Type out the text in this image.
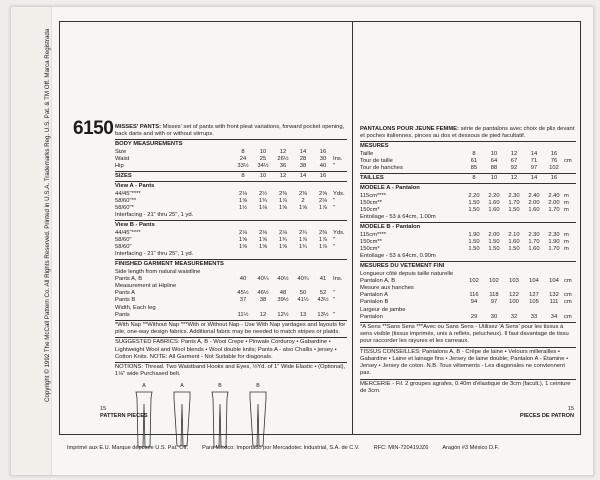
Copyright © 1992 The McCall Pattern Co. All Rights Reserved. Printed in U.S.A. Trademarks Reg. U.S. Pat. & TM Off. Marca Registrada 6150 MISSES' PANTS: Misses' set of pants with front pleat variations, forward pocket opening, back darts and with or without stirrups.
BODY MEASUREMENTS
Size	8	10	12	14	16
Waist	24	25	26½	28	30	Ins.
Hip	33½	34½	36	38	40	"
SIZES	8	10	12	14	16
View A - Pants
44/45"****	2⅛	2½	2⅜	2⅜	2⅝	Yds.
58/60"**	1⅝	1¾	1⅞	2	2⅛	"
58/60"*	1½	1⅛	1⅝	1⅝	1⅞	"
Interfacing - 21" thru 25", 1 yd.
View B - Pants
44/45"****	2⅛	2⅛	2⅛	2¼	2⅜	Yds.
58/60"	1⅝	1⅝	1¾	1⅞	1⅞	"
58/60"	1⅝	1⅝	1⅝	1¾	1⅞	"
Interfacing - 21" thru 25", 1 yd.
FINISHED GARMENT MEASUREMENTS
Side length from natural waistline
Pants A, B	40	40¼	40½	40¾	41	Ins.
Measurement at Hipline
Pants A	45½	46½	48	50	52	"
Pants B	37	38	39½	41½	43½ "
Width, Each leg
Pants	11½	12	12½	13	13½ "
*With Nap **Without Nap ***With or Without Nap - Use With Nap yardages and layouts for pile, one-way design fabrics. Additional fabric may be needed to match stripes or plaids.
SUGGESTED FABRICS: Pants A, B - Wool Crepe • Pinwale Corduroy • Gabardine • Lightweight Wool and Wool blends • Wool double knits; Pants A - also Challis • jersey • Cotton Knits. NOTE: All Garment - Not Suitable for diagonals.
NOTIONS: Thread. Two Waistband Hooks and Eyes, ½Yd. of 1" Wide Elastic • (Optional), 1⅛" wide Purchased belt.
A	A	B	B
PANTALONS POUR JEUNE FEMME: série de pantalons avec choix de plis devant et poches italiennes, pinces au dos et dessous de pied facultatif.
MESURES
Taille	8	10	12	14	16
Tour de taille	61	64	67	71	76	cm
Tour de hanches	85	88	92	97	102
TAILLES	8	10	12	14	16
MODELE A - Pantalon
115cm****	2.20	2.20	2.30	2.40	2.40 m
150cm**	1.50	1.60	1.70	2.00	2.00 m
150cm*	1.50	1.60	1.50	1.60	1.70 m
Entoilage - 53 à 64cm, 1.00m
MODELE B - Pantalon
115cm****	1.90	2.00	2.10	2.30	2.30 m
150cm**	1.50	1.50	1.60	1.70	1.90 m
150cm*	1.50	1.50	1.50	1.60	1.70 m
Entoilage - 53 à 64cm, 0.90m
MESURES DU VETEMENT FINI
Longueur côté depuis taille naturelle
Pantalon A, B	102	102	103	104	104 cm
Mesure aux hanches
Pantalon A	116	118	122	127	132 cm
Pantalon B	94	97	100	105	111 cm
Largeur de jambe
Pantalon	29	30	32	33	34	cm
*A Sens **Sans Sens ***Avec ou Sans Sens - Utilisez 'A Sens' pour les tissus à sens visible (tissus imprimés, unis à reflets, pelucheux). Il faut davantage de tissu pour raccorder les rayures et les carreaux.
TISSUS CONSEILLES: Pantalons A, B - Crêpe de laine • Velours millerailles • Gabardine • Laine et lainage fins • Jersey de laine double; Pantalon A - Étamine • Jersey • Jersey de coton. N.B. Tous vêtements - Les diagonales ne conviennent pas.
MERCERIE - Fil. 2 groupes agrafes, 0.40m d'élastique de 3cm (facult.), 1 ceinture de 3cm.
15
PATTERN PIECES
15
PIECES DE PATRON
Imprimé aux E.U. Marque déposée U.S. Pat. Off.	Para México: Importado por Mercadotec Industrial, S.A. de C.V.	RFC: MIN-720419JZ6	Aragón #3 México D.F.
